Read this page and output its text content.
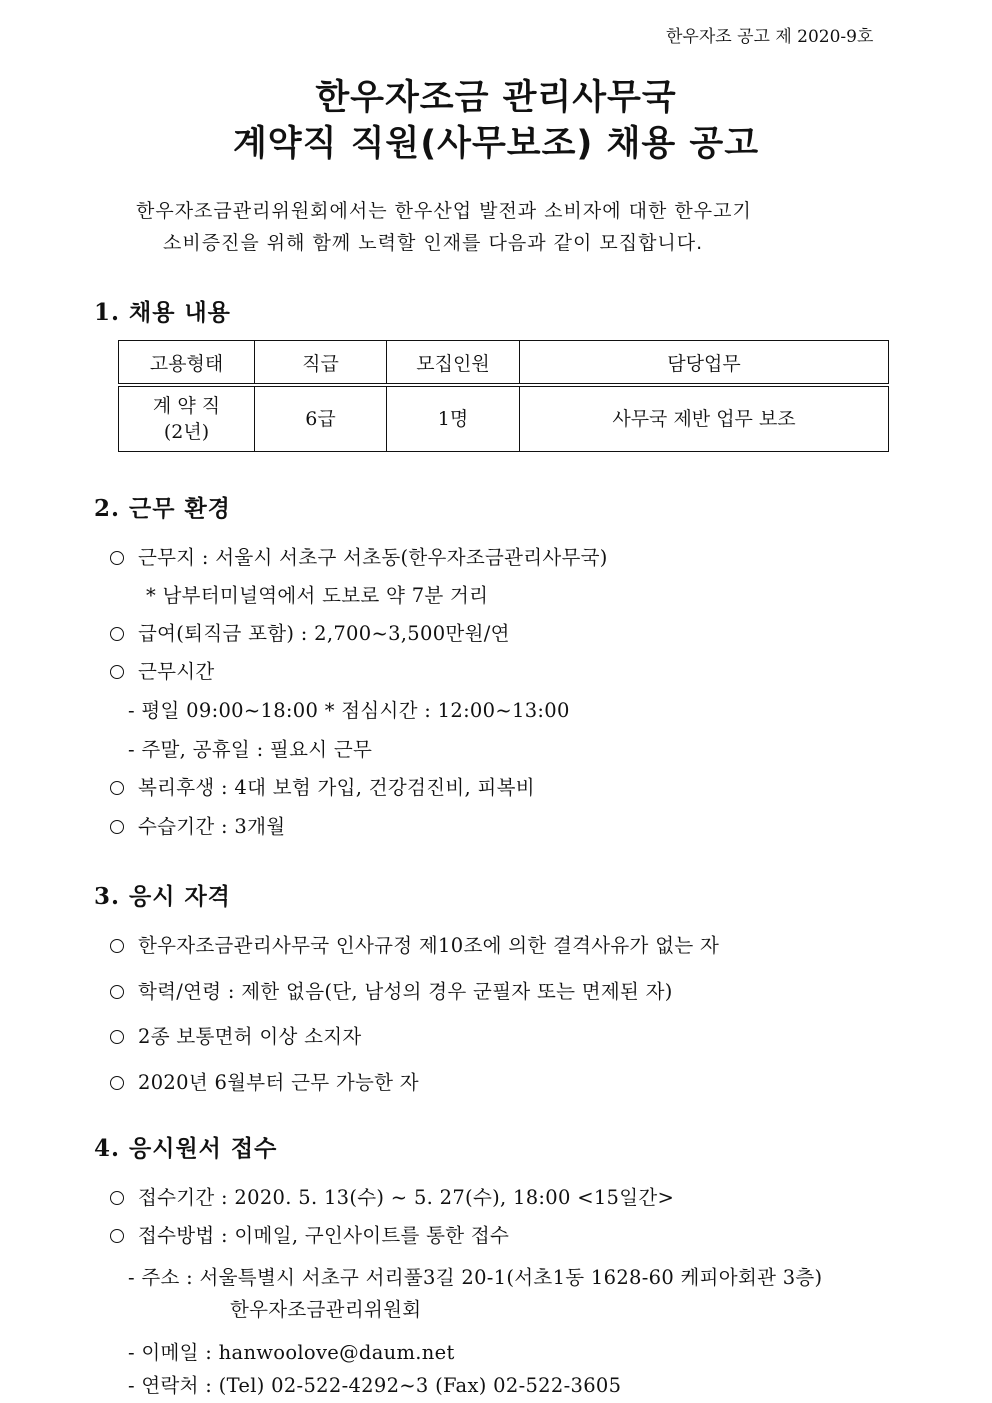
한우자조 공고 제 2020-9호
한우자조금 관리사무국
계약직 직원(사무보조) 채용 공고
한우자조금관리위원회에서는 한우산업 발전과 소비자에 대한 한우고기
소비증진을 위해 함께 노력할 인재를 다음과 같이 모집합니다.
1. 채용 내용
고용형태	직급	모집인원	담당업무

계 약 직
(2년)	6급	1명	사무국 제반 업무 보조
2. 근무 환경
근무지 : 서울시 서초구 서초동(한우자조금관리사무국)
* 남부터미널역에서 도보로 약 7분 거리
급여(퇴직금 포함) : 2,700~3,500만원/연
근무시간
- 평일 09:00~18:00 * 점심시간 : 12:00~13:00
- 주말, 공휴일 : 필요시 근무
복리후생 : 4대 보험 가입, 건강검진비, 피복비
수습기간 : 3개월
3. 응시 자격
한우자조금관리사무국 인사규정 제10조에 의한 결격사유가 없는 자
학력/연령 : 제한 없음(단, 남성의 경우 군필자 또는 면제된 자)
2종 보통면허 이상 소지자
2020년 6월부터 근무 가능한 자
4. 응시원서 접수
접수기간 : 2020. 5. 13(수) ~ 5. 27(수), 18:00 <15일간>
접수방법 : 이메일, 구인사이트를 통한 접수
- 주소 : 서울특별시 서초구 서리풀3길 20-1(서초1동 1628-60 케피아회관 3층)
한우자조금관리위원회
- 이메일 : hanwoolove@daum.net
- 연락처 : (Tel) 02-522-4292~3 (Fax) 02-522-3605
